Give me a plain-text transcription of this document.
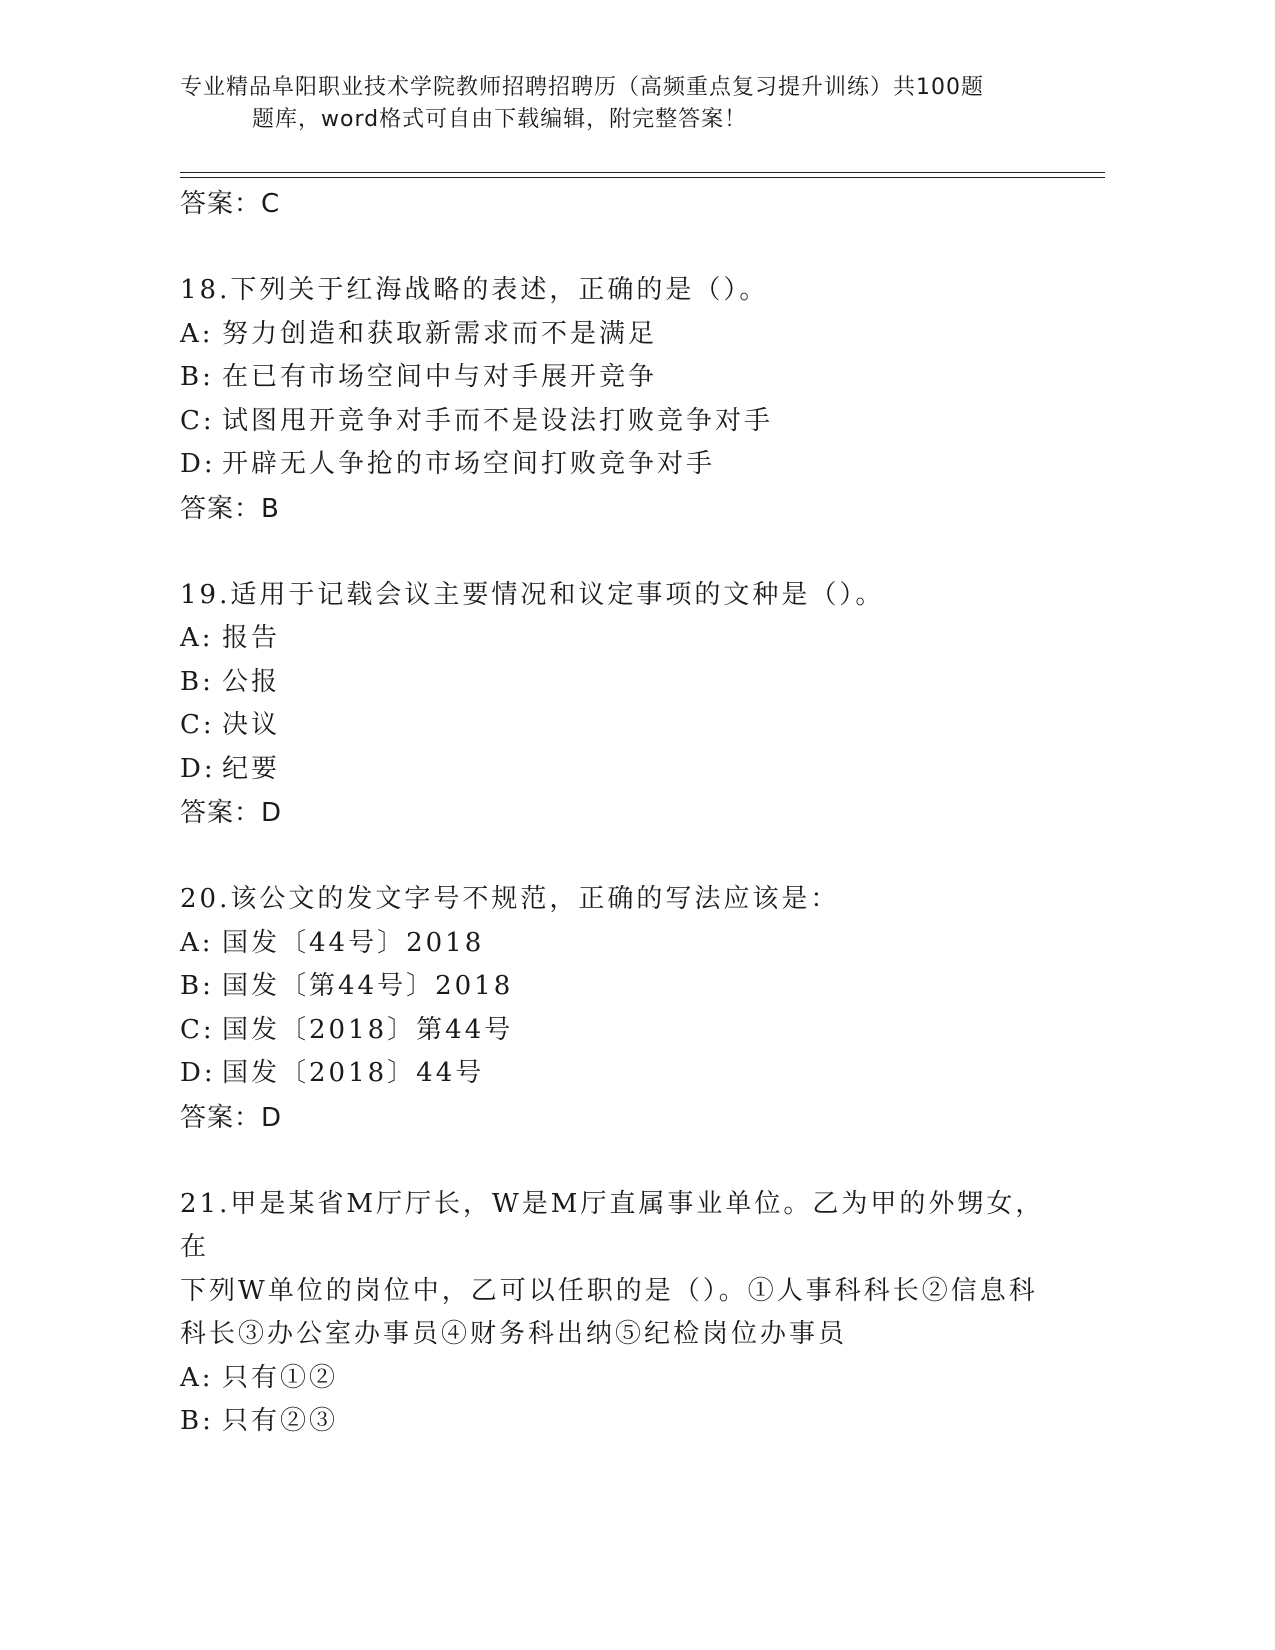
专业精品阜阳职业技术学院教师招聘招聘历（高频重点复习提升训练）共100题
题库，word格式可自由下载编辑，附完整答案！
答案：C
18.下列关于红海战略的表述，正确的是（）。
A: 努力创造和获取新需求而不是满足
B: 在已有市场空间中与对手展开竞争
C: 试图甩开竞争对手而不是设法打败竞争对手
D: 开辟无人争抢的市场空间打败竞争对手
答案：B
19.适用于记载会议主要情况和议定事项的文种是（）。
A: 报告
B: 公报
C: 决议
D: 纪要
答案：D
20.该公文的发文字号不规范，正确的写法应该是：
A: 国发〔44号〕2018
B: 国发〔第44号〕2018
C: 国发〔2018〕第44号
D: 国发〔2018〕44号
答案：D
21.甲是某省M厅厅长，W是M厅直属事业单位。乙为甲的外甥女，在
下列W单位的岗位中，乙可以任职的是（）。①人事科科长②信息科
科长③办公室办事员④财务科出纳⑤纪检岗位办事员
A: 只有①②
B: 只有②③
